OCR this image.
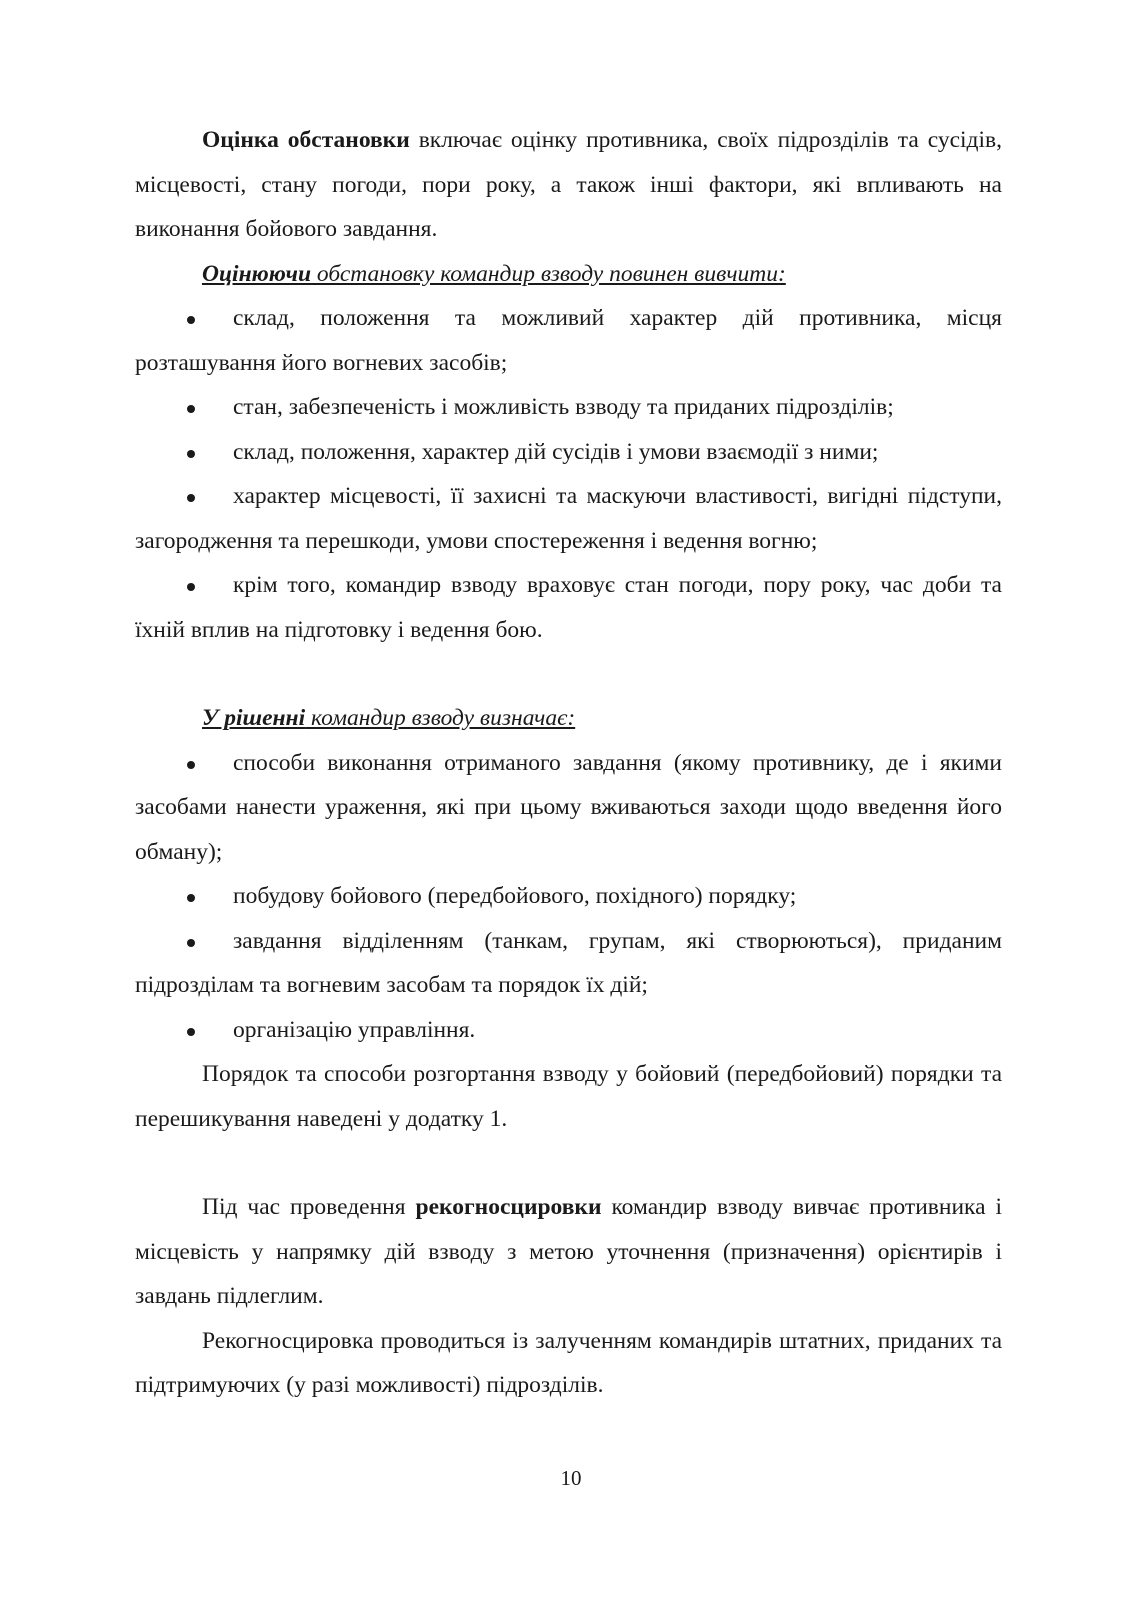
Оцінка обстановки включає оцінку противника, своїх підрозділів та сусідів, місцевості, стану погоди, пори року, а також інші фактори, які впливають на виконання бойового завдання.

Оцінюючи обстановку командир взводу повинен вивчити:
склад, положення та можливий характер дій противника, місця розташування його вогневих засобів;
стан, забезпеченість і можливість взводу та приданих підрозділів;
склад, положення, характер дій сусідів і умови взаємодії з ними;
характер місцевості, її захисні та маскуючи властивості, вигідні підступи, загородження та перешкоди, умови спостереження і ведення вогню;
крім того, командир взводу враховує стан погоди, пору року, час доби та їхній вплив на підготовку і ведення бою.
У рішенні командир взводу визначає:
способи виконання отриманого завдання (якому противнику, де і якими засобами нанести ураження, які при цьому вживаються заходи щодо введення його обману);
побудову бойового (передбойового, похідного) порядку;
завдання відділенням (танкам, групам, які створюються), приданим підрозділам та вогневим засобам та порядок їх дій;
організацію управління.

Порядок та способи розгортання взводу у бойовий (передбойовий) порядки та перешикування наведені у додатку 1.

Під час проведення рекогносцировки командир взводу вивчає противника і місцевість у напрямку дій взводу з метою уточнення (призначення) орієнтирів і завдань підлеглим.

Рекогносцировка проводиться із залученням командирів штатних, приданих та підтримуючих (у разі можливості) підрозділів.

10
